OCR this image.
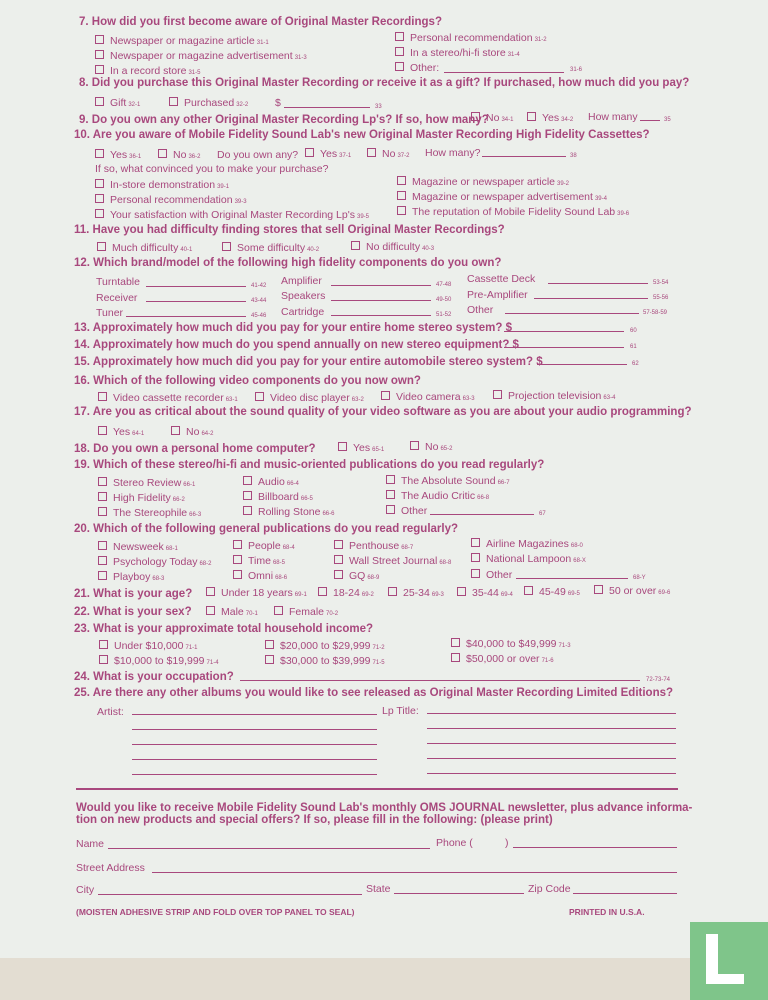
7. How did you first become aware of Original Master Recordings?
Newspaper or magazine article 31-1
Newspaper or magazine advertisement 31-3
In a record store 31-5
Personal recommendation 31-2
In a stereo/hi-fi store 31-4
Other:	31-6
8. Did you purchase this Original Master Recording or receive it as a gift? If purchased, how much did you pay?
Gift 32-1	Purchased 32-2	$	33
9. Do you own any other Original Master Recording Lp's? If so, how many?
No 34-1	Yes 34-2 How many	35
10. Are you aware of Mobile Fidelity Sound Lab's new Original Master Recording High Fidelity Cassettes?
Yes 36-1	No 36-2 Do you own any?	Yes 37-1	No 37-2 How many?	38
If so, what convinced you to make your purchase?
In-store demonstration 39-1
Personal recommendation 39-3
Your satisfaction with Original Master Recording Lp's 39-5
Magazine or newspaper article 39-2
Magazine or newspaper advertisement 39-4
The reputation of Mobile Fidelity Sound Lab 39-6
11. Have you had difficulty finding stores that sell Original Master Recordings?
Much difficulty 40-1	Some difficulty 40-2	No difficulty 40-3
12. Which brand/model of the following high fidelity components do you own?
Turntable	41-42
Receiver	43-44
Tuner	45-46
Amplifier	47-48
Speakers	49-50
Cartridge	51-52
Cassette Deck	53-54
Pre-Amplifier	55-56
Other	57-58-59
13. Approximately how much did you pay for your entire home stereo system? $	60
14. Approximately how much do you spend annually on new stereo equipment? $	61
15. Approximately how much did you pay for your entire automobile stereo system? $	62
16. Which of the following video components do you now own?
Video cassette recorder 63-1	Video disc player 63-2	Video camera 63-3	Projection television 63-4
17. Are you as critical about the sound quality of your video software as you are about your audio programming?
Yes 64-1	No 64-2
18. Do you own a personal home computer?	Yes 65-1	No 65-2
19. Which of these stereo/hi-fi and music-oriented publications do you read regularly?
Stereo Review 66-1
High Fidelity 66-2
The Stereophile 66-3
Audio 66-4
Billboard 66-5
Rolling Stone 66-6
The Absolute Sound 66-7
The Audio Critic 66-8
Other	67
20. Which of the following general publications do you read regularly?
Newsweek 68-1
Psychology Today 68-2
Playboy 68-3
People 68-4
Time 68-5
Omni 68-6
Penthouse 68-7
Wall Street Journal 68-8
GQ 68-9
Airline Magazines 68-0
National Lampoon 68-X
Other	68-Y
21. What is your age?	Under 18 years 69-1	18-24 69-2	25-34 69-3	35-44 69-4	45-49 69-5	50 or over 69-6
22. What is your sex?	Male 70-1	Female 70-2
23. What is your approximate total household income?
Under $10,000 71-1
$10,000 to $19,999 71-4
$20,000 to $29,999 71-2
$30,000 to $39,999 71-5
$40,000 to $49,999 71-3
$50,000 or over 71-6
24. What is your occupation?	72-73-74
25. Are there any other albums you would like to see released as Original Master Recording Limited Editions?
Artist:	Lp Title:
Would you like to receive Mobile Fidelity Sound Lab's monthly OMS JOURNAL newsletter, plus advance informa-
tion on new products and special offers? If so, please fill in the following: (please print)
Name	Phone (	)
Street Address
City	State	Zip Code
(MOISTEN ADHESIVE STRIP AND FOLD OVER TOP PANEL TO SEAL)	PRINTED IN U.S.A.
